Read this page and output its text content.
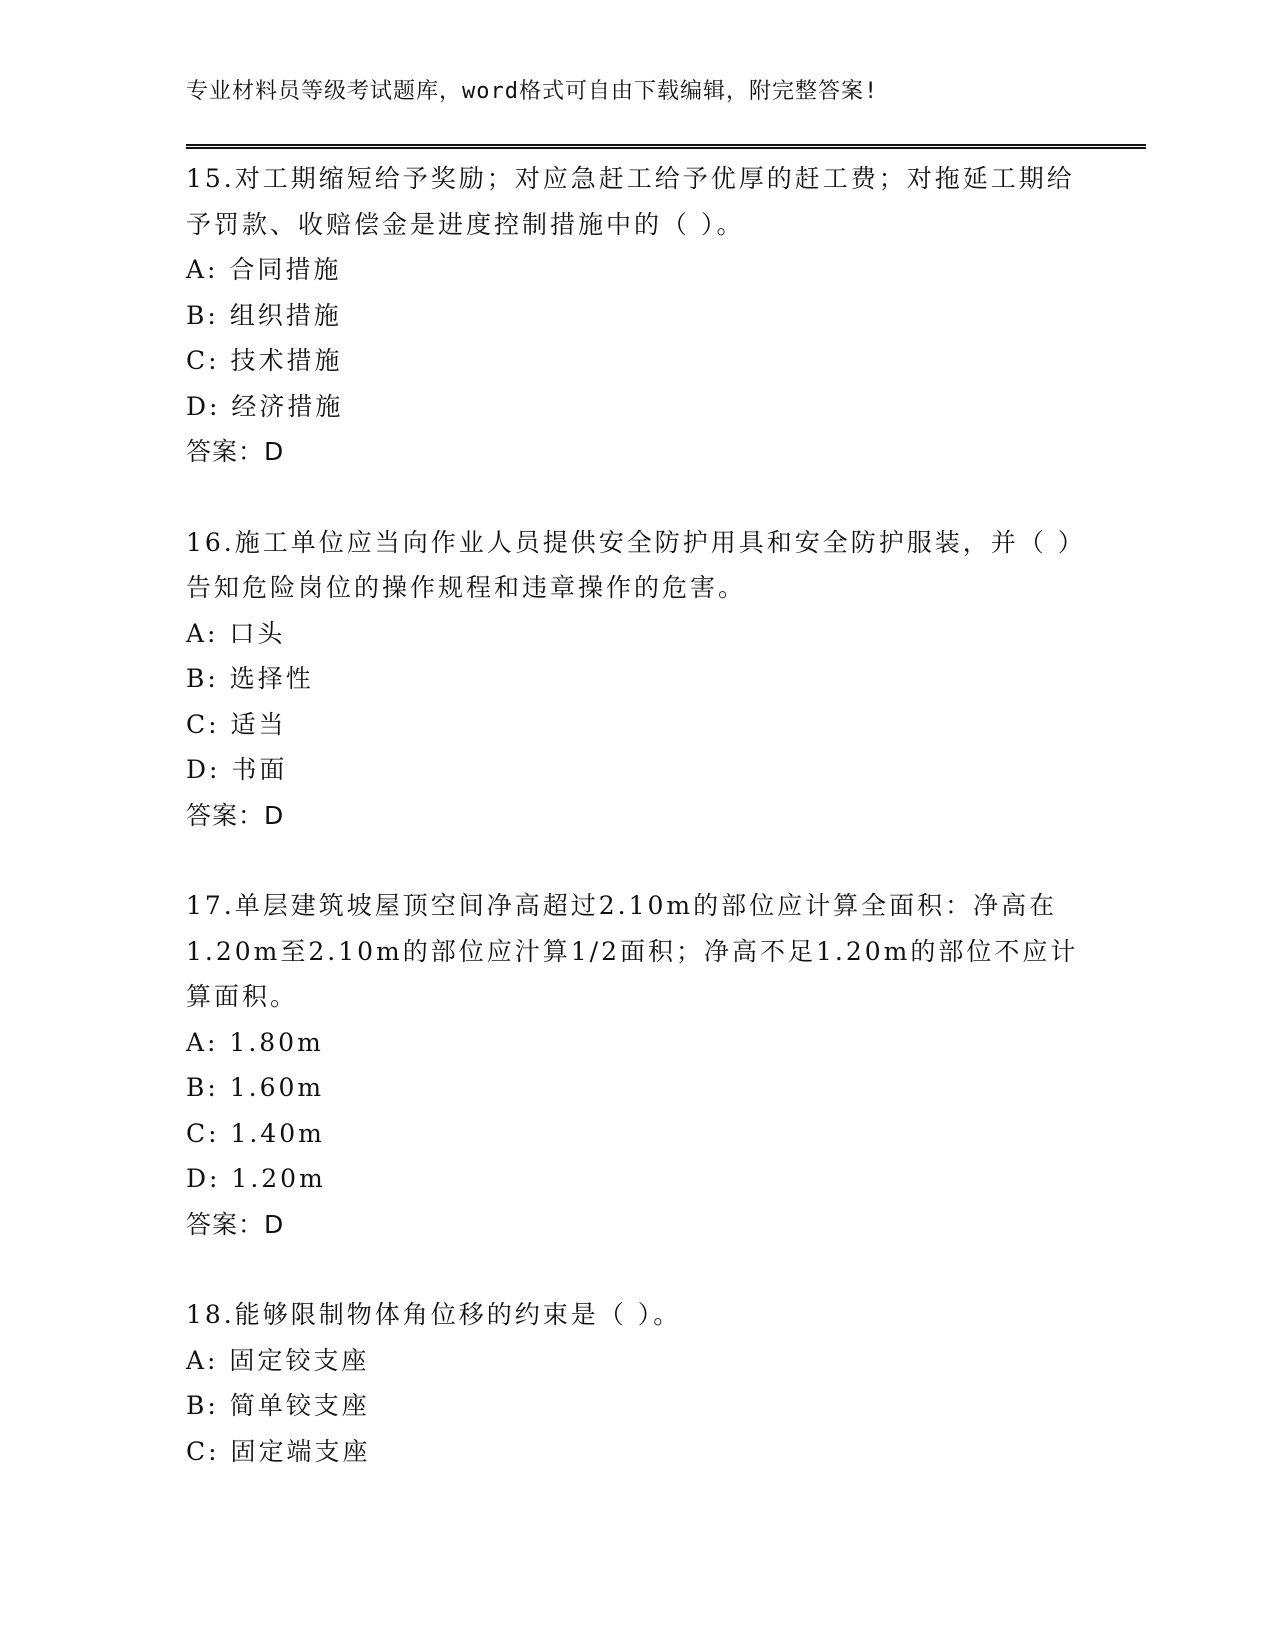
专业材料员等级考试题库，word格式可自由下载编辑，附完整答案!
15.对工期缩短给予奖励；对应急赶工给予优厚的赶工费；对拖延工期给予罚款、收赔偿金是进度控制措施中的（ ）。
A: 合同措施
B: 组织措施
C: 技术措施
D: 经济措施
答案：D
16.施工单位应当向作业人员提供安全防护用具和安全防护服装，并（ ）告知危险岗位的操作规程和违章操作的危害。
A: 口头
B: 选择性
C: 适当
D: 书面
答案：D
17.单层建筑坡屋顶空间净高超过2.10m的部位应计算全面积：净高在1.20m至2.10m的部位应汁算1/2面积；净高不足1.20m的部位不应计算面积。
A: 1.80m
B: 1.60m
C: 1.40m
D: 1.20m
答案：D
18.能够限制物体角位移的约束是（ ）。
A: 固定铰支座
B: 简单铰支座
C: 固定端支座
